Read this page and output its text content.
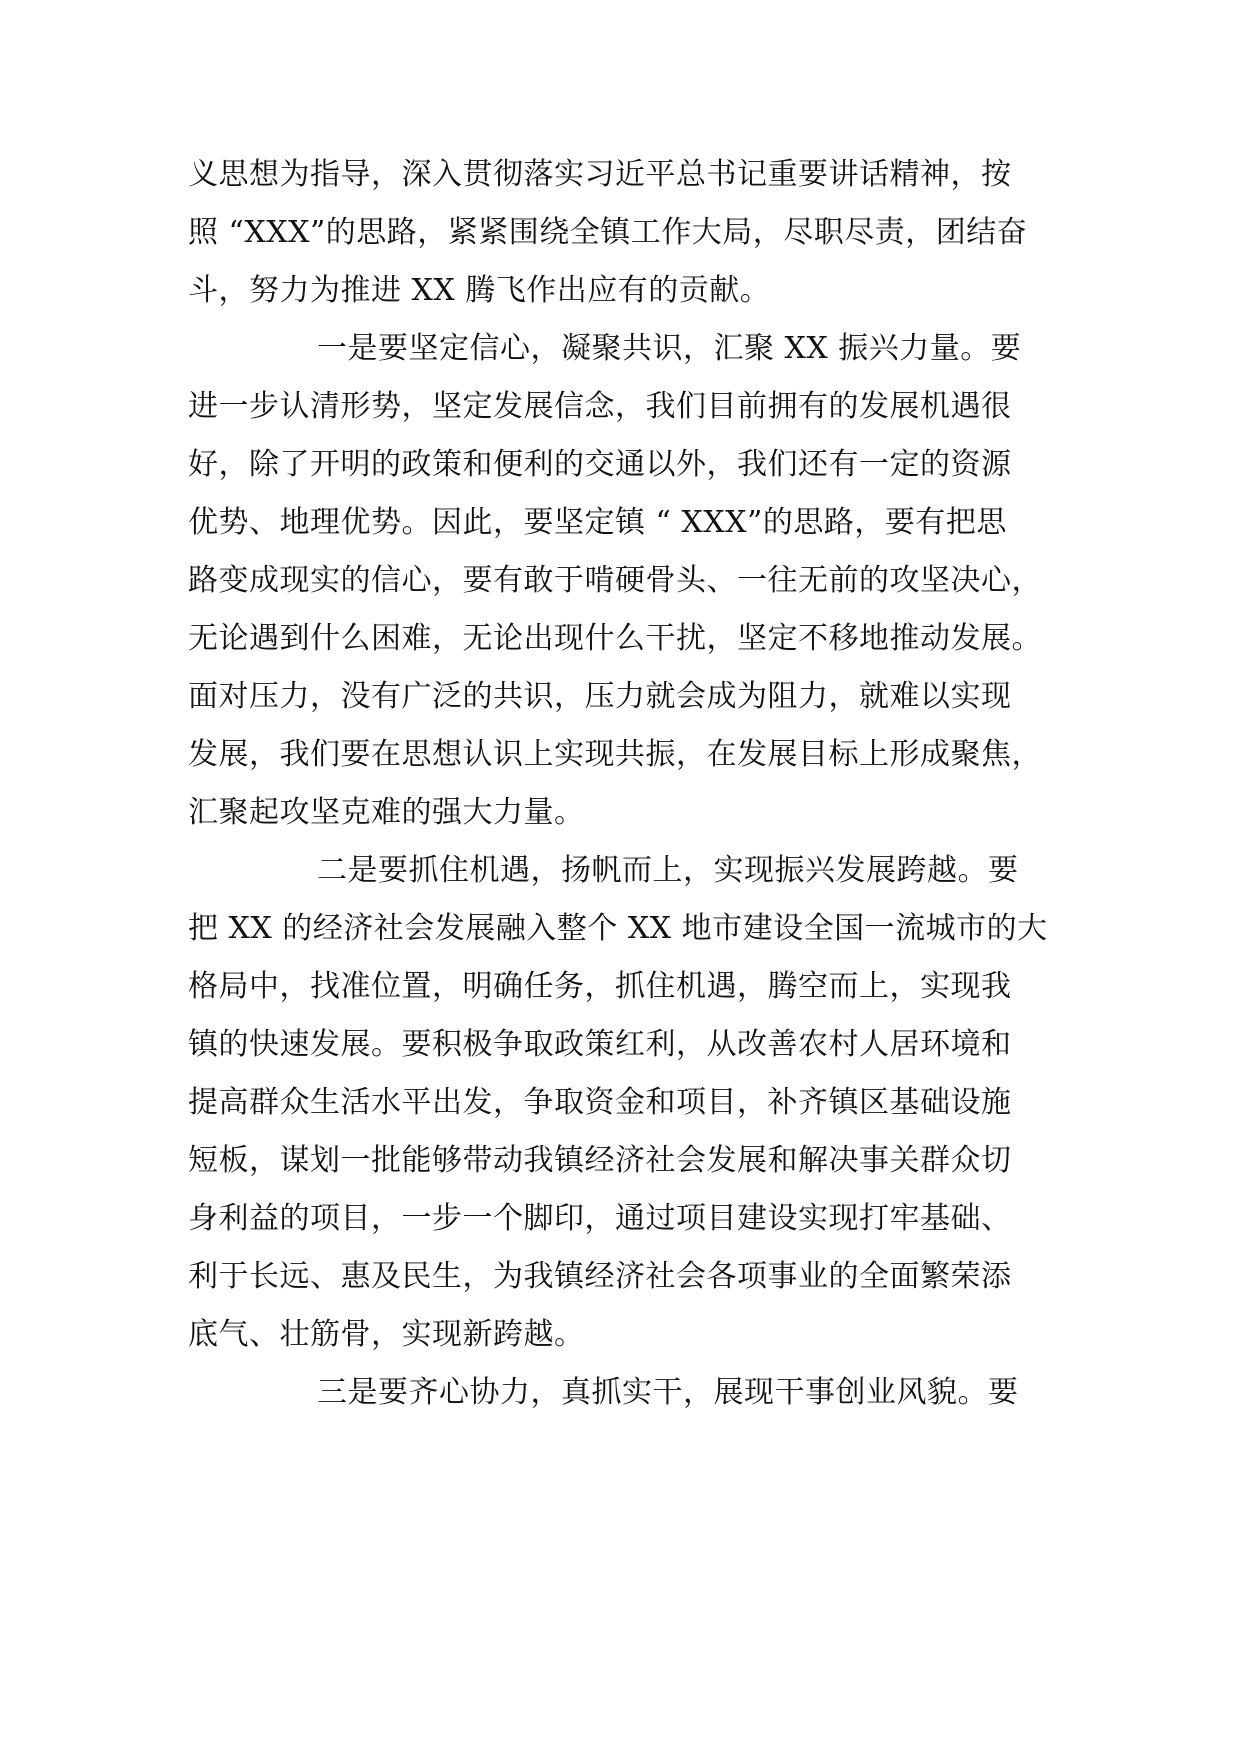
义思想为指导，深入贯彻落实习近平总书记重要讲话精神，按
照 “XXX”的思路，紧紧围绕全镇工作大局，尽职尽责，团结奋
斗，努力为推进 XX 腾飞作出应有的贡献。
一是要坚定信心，凝聚共识，汇聚 XX 振兴力量。要
进一步认清形势，坚定发展信念，我们目前拥有的发展机遇很
好，除了开明的政策和便利的交通以外，我们还有一定的资源
优势、地理优势。因此，要坚定镇 “ XXX”的思路，要有把思
路变成现实的信心，要有敢于啃硬骨头、一往无前的攻坚决心，
无论遇到什么困难，无论出现什么干扰，坚定不移地推动发展。
面对压力，没有广泛的共识，压力就会成为阻力，就难以实现
发展，我们要在思想认识上实现共振，在发展目标上形成聚焦，
汇聚起攻坚克难的强大力量。
二是要抓住机遇，扬帆而上，实现振兴发展跨越。要
把 XX 的经济社会发展融入整个 XX 地市建设全国一流城市的大
格局中，找准位置，明确任务，抓住机遇，腾空而上，实现我
镇的快速发展。要积极争取政策红利，从改善农村人居环境和
提高群众生活水平出发，争取资金和项目，补齐镇区基础设施
短板，谋划一批能够带动我镇经济社会发展和解决事关群众切
身利益的项目，一步一个脚印，通过项目建设实现打牢基础、
利于长远、惠及民生，为我镇经济社会各项事业的全面繁荣添
底气、壮筋骨，实现新跨越。
三是要齐心协力，真抓实干，展现干事创业风貌。要
